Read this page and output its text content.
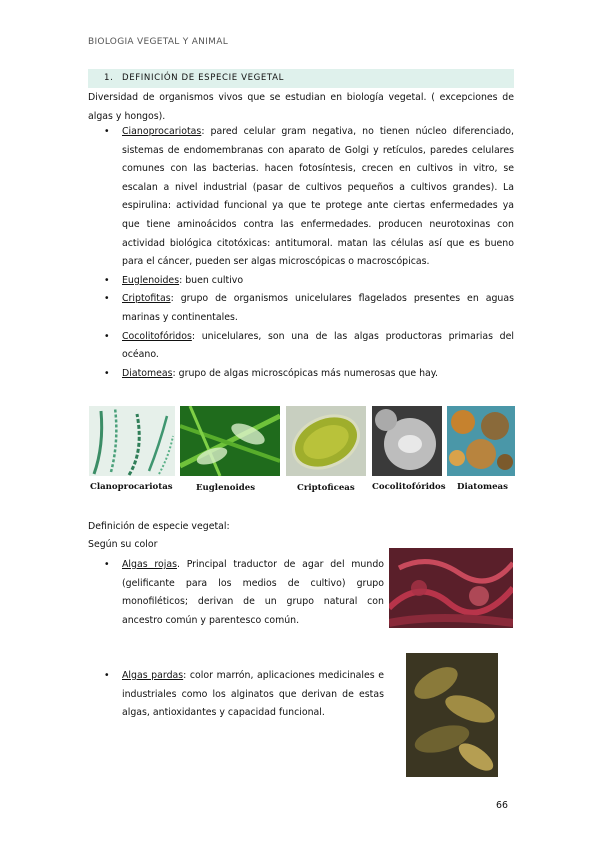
BIOLOGIA VEGETAL Y ANIMAL
1. DEFINICIÓN DE ESPECIE VEGETAL
Diversidad de organismos vivos que se estudian en biología vegetal. ( excepciones de algas y hongos).
• Cianoprocariotas: pared celular gram negativa, no tienen núcleo diferenciado, sistemas de endomembranas con aparato de Golgi y retículos, paredes celulares comunes con las bacterias. hacen fotosíntesis, crecen en cultivos in vitro, se escalan a nivel industrial (pasar de cultivos pequeños a cultivos grandes). La espirulina: actividad funcional ya que te protege ante ciertas enfermedades ya que tiene aminoácidos contra las enfermedades. producen neurotoxinas con actividad biológica citotóxicas: antitumoral. matan las células así que es bueno para el cáncer, pueden ser algas microscópicas o macroscópicas.
• Euglenoides: buen cultivo
• Criptofitas: grupo de organismos unicelulares flagelados presentes en aguas marinas y continentales.
• Cocolitofóridos: unicelulares, son una de las algas productoras primarias del océano.
• Diatomeas: grupo de algas microscópicas más numerosas que hay.
Clanoprocariotas	Euglenoides	Criptoficeas Cocolitofóridos Diatomeas
Definición de especie vegetal:
Según su color
• Algas rojas. Principal traductor de agar del mundo (gelificante para los medios de cultivo) grupo monofiléticos; derivan de un grupo natural con ancestro común y parentesco común.
• Algas pardas: color marrón, aplicaciones medicinales e industriales como los alginatos que derivan de estas algas, antioxidantes y capacidad funcional.
66
